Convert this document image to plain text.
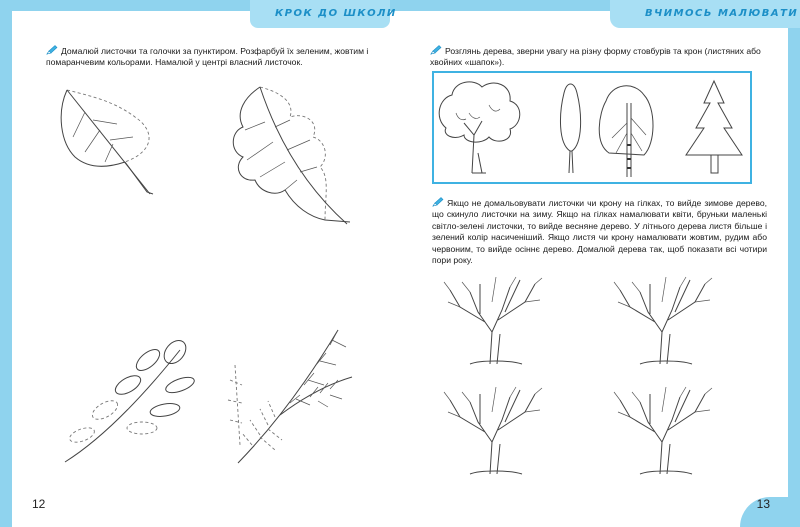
КРОК ДО ШКОЛИ	ВЧИМОСЬ МАЛЮВАТИ
Домалюй листочки та голочки за пунктиром. Розфарбуй їх зеленим, жовтим і помаранчевим кольорами. Намалюй у центрі власний листочок.
12
Розглянь дерева, зверни увагу на різну форму стовбурів та крон (листяних або хвойних «шапок»).
Якщо не домальовувати листочки чи крону на гілках, то вийде зимове дерево, що скинуло листочки на зиму. Якщо на гілках намалювати квіти, бруньки маленькі світло-зелені листочки, то вийде весняне дерево. У літнього дерева листя більше і зелений колір насиченіший. Якщо листя чи крону намалювати жовтим, рудим або червоним, то вийде осіннє дерево. Домалюй дерева так, щоб показати всі чотири пори року.
13
